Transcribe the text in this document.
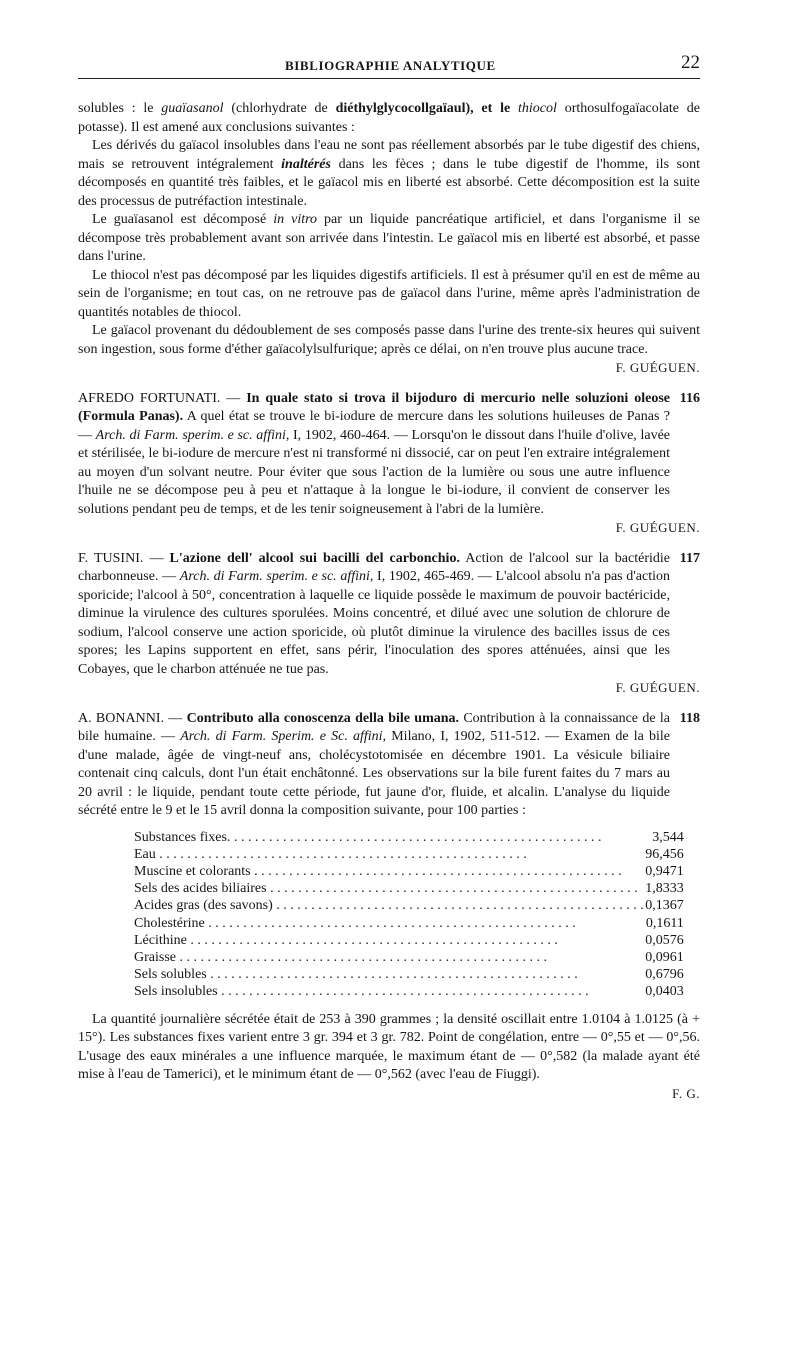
BIBLIOGRAPHIE ANALYTIQUE	22

solubles : le guaïasanol (chlorhydrate de diéthylglycocollgaïaul), et le thiocol orthosulfogaïacolate de potasse). Il est amené aux conclusions suivantes :

Les dérivés du gaïacol insolubles dans l'eau ne sont pas réellement absorbés par le tube digestif des chiens, mais se retrouvent intégralement inaltérés dans les fèces ; dans le tube digestif de l'homme, ils sont décomposés en quantité très faibles, et le gaïacol mis en liberté est absorbé. Cette décomposition est la suite des processus de putréfaction intestinale.

Le guaïasanol est décomposé in vitro par un liquide pancréatique artificiel, et dans l'organisme il se décompose très probablement avant son arrivée dans l'intestin. Le gaïacol mis en liberté est absorbé, et passe dans l'urine.

Le thiocol n'est pas décomposé par les liquides digestifs artificiels. Il est à présumer qu'il en est de même au sein de l'organisme; en tout cas, on ne retrouve pas de gaïacol dans l'urine, même après l'administration de quantités notables de thiocol.

Le gaïacol provenant du dédoublement de ses composés passe dans l'urine des trente-six heures qui suivent son ingestion, sous forme d'éther gaïacolylsulfurique; après ce délai, on n'en trouve plus aucune trace.

F. GUÉGUEN.

116

AFREDO FORTUNATI. — In quale stato si trova il bijoduro di mercurio nelle soluzioni oleose (Formula Panas). A quel état se trouve le bi-iodure de mercure dans les solutions huileuses de Panas ? — Arch. di Farm. sperim. e sc. affini, I, 1902, 460-464. — Lorsqu'on le dissout dans l'huile d'olive, lavée et stérilisée, le bi-iodure de mercure n'est ni transformé ni dissocié, car on peut l'en extraire intégralement au moyen d'un solvant neutre. Pour éviter que sous l'action de la lumière ou sous une autre influence l'huile ne se décompose peu à peu et n'attaque à la longue le bi-iodure, il convient de conserver les solutions pendant peu de temps, et de les tenir soigneusement à l'abri de la lumière.

F. GUÉGUEN.

117

F. TUSINI. — L'azione dell' alcool sui bacilli del carbonchio. Action de l'alcool sur la bactéridie charbonneuse. — Arch. di Farm. sperim. e sc. affini, I, 1902, 465-469. — L'alcool absolu n'a pas d'action sporicide; l'alcool à 50°, concentration à laquelle ce liquide possède le maximum de pouvoir bactéricide, diminue la virulence des cultures sporulées. Moins concentré, et dilué avec une solution de chlorure de sodium, l'alcool conserve une action sporicide, où plutôt diminue la virulence des bacilles issus de ces spores; les Lapins supportent en effet, sans périr, l'inoculation des spores atténuées, ainsi que les Cobayes, que le charbon atténuée ne tue pas.

F. GUÉGUEN.

118

A. BONANNI. — Contributo alla conoscenza della bile umana. Contribution à la connaissance de la bile humaine. — Arch. di Farm. Sperim. e Sc. affini, Milano, I, 1902, 511-512. — Examen de la bile d'une malade, âgée de vingt-neuf ans, cholécystotomisée en décembre 1901. La vésicule biliaire contenait cinq calculs, dont l'un était enchâtonné. Les observations sur la bile furent faites du 7 mars au 20 avril : le liquide, pendant toute cette période, fut jaune d'or, fluide, et alcalin. L'analyse du liquide sécrété entre le 9 et le 15 avril donna la composition suivante, pour 100 parties :

Substances fixes. . . .	3,544
Eau . . .	96,456
Muscine et colorants . . .	0,9471
Sels des acides biliaires . . .	1,8333
Acides gras (des savons) . . .	0,1367
Cholestérine . . .	0,1611
Lécithine . . .	0,0576
Graisse . . .	0,0961
Sels solubles . . .	0,6796
Sels insolubles . . .	0,0403

La quantité journalière sécrétée était de 253 à 390 grammes ; la densité oscillait entre 1.0104 à 1.0125 (à + 15°). Les substances fixes varient entre 3 gr. 394 et 3 gr. 782. Point de congélation, entre — 0°,55 et — 0°,56. L'usage des eaux minérales a une influence marquée, le maximum étant de — 0°,582 (la malade ayant été mise à l'eau de Tamerici), et le minimum étant de — 0°,562 (avec l'eau de Fiuggi).

F. G.
